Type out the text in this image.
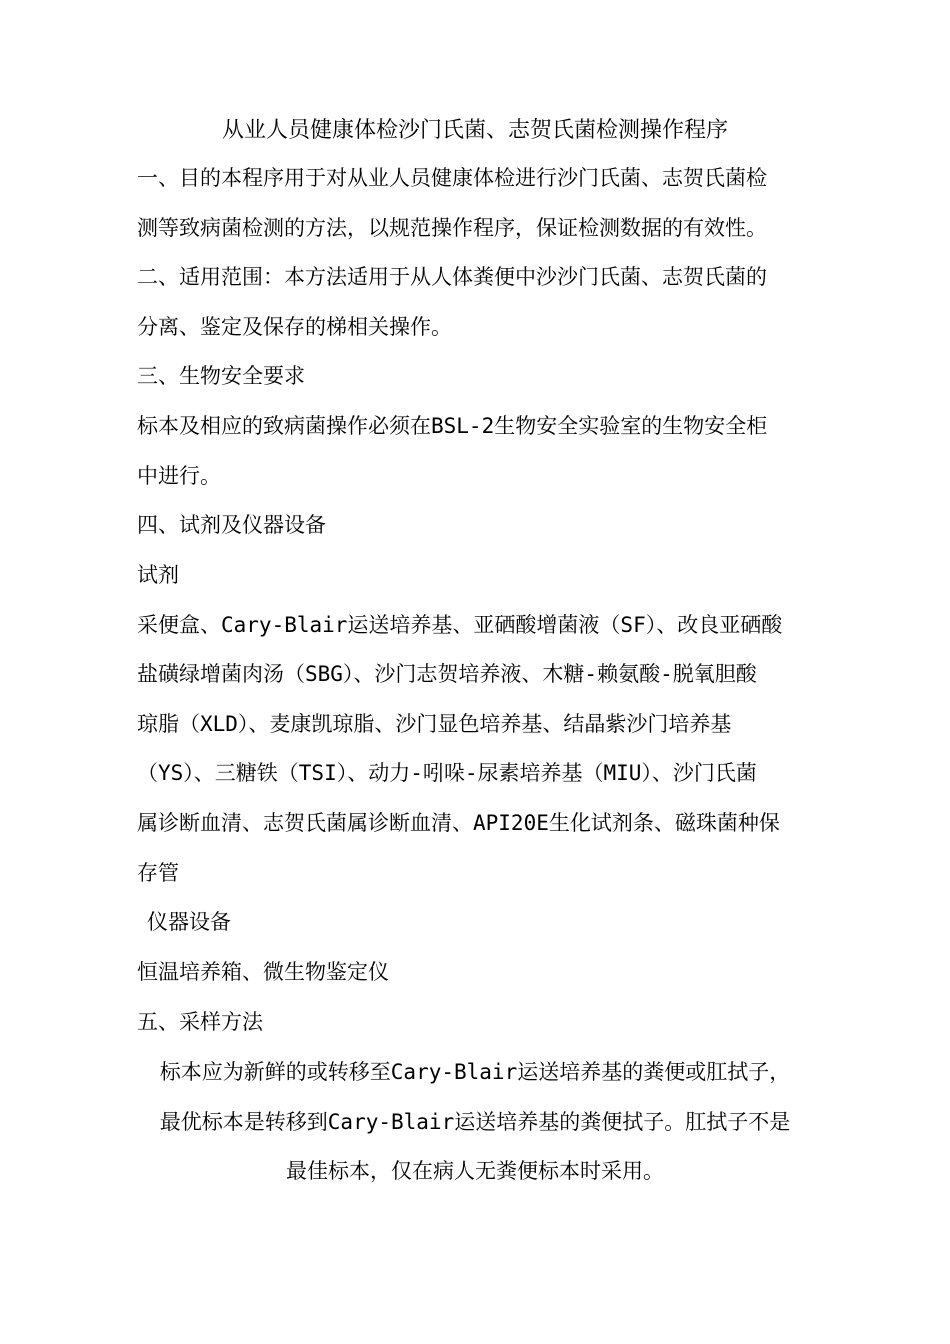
从业人员健康体检沙门氏菌、志贺氏菌检测操作程序
一、目的本程序用于对从业人员健康体检进行沙门氏菌、志贺氏菌检
测等致病菌检测的方法，以规范操作程序，保证检测数据的有效性。
二、适用范围：本方法适用于从人体粪便中沙沙门氏菌、志贺氏菌的
分离、鉴定及保存的梯相关操作。
三、生物安全要求
标本及相应的致病菌操作必须在BSL-2生物安全实验室的生物安全柜
中进行。
四、试剂及仪器设备
试剂
采便盒、Cary-Blair运送培养基、亚硒酸增菌液（SF）、改良亚硒酸
盐磺绿增菌肉汤（SBG）、沙门志贺培养液、木糖-赖氨酸-脱氧胆酸
琼脂（XLD）、麦康凯琼脂、沙门显色培养基、结晶紫沙门培养基
（YS）、三糖铁（TSI）、动力-吲哚-尿素培养基（MIU）、沙门氏菌
属诊断血清、志贺氏菌属诊断血清、API20E生化试剂条、磁珠菌种保
存管
仪器设备
恒温培养箱、微生物鉴定仪
五、采样方法
标本应为新鲜的或转移至Cary-Blair运送培养基的粪便或肛拭子，
最优标本是转移到Cary-Blair运送培养基的粪便拭子。肛拭子不是
最佳标本，仅在病人无粪便标本时采用。
